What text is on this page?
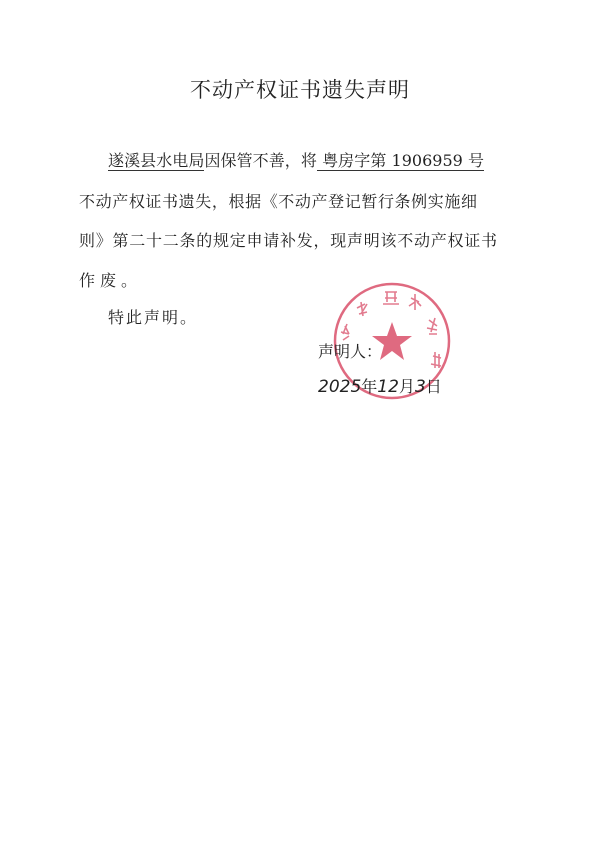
不动产权证书遗失声明
遂溪县水电局因保管不善，将 粤房字第 1906959 号
不动产权证书遗失，根据《不动产登记暂行条例实施细
则》第二十二条的规定申请补发，现声明该不动产权证书
作废。
特此声明。
声明人：
2025年12月3日
